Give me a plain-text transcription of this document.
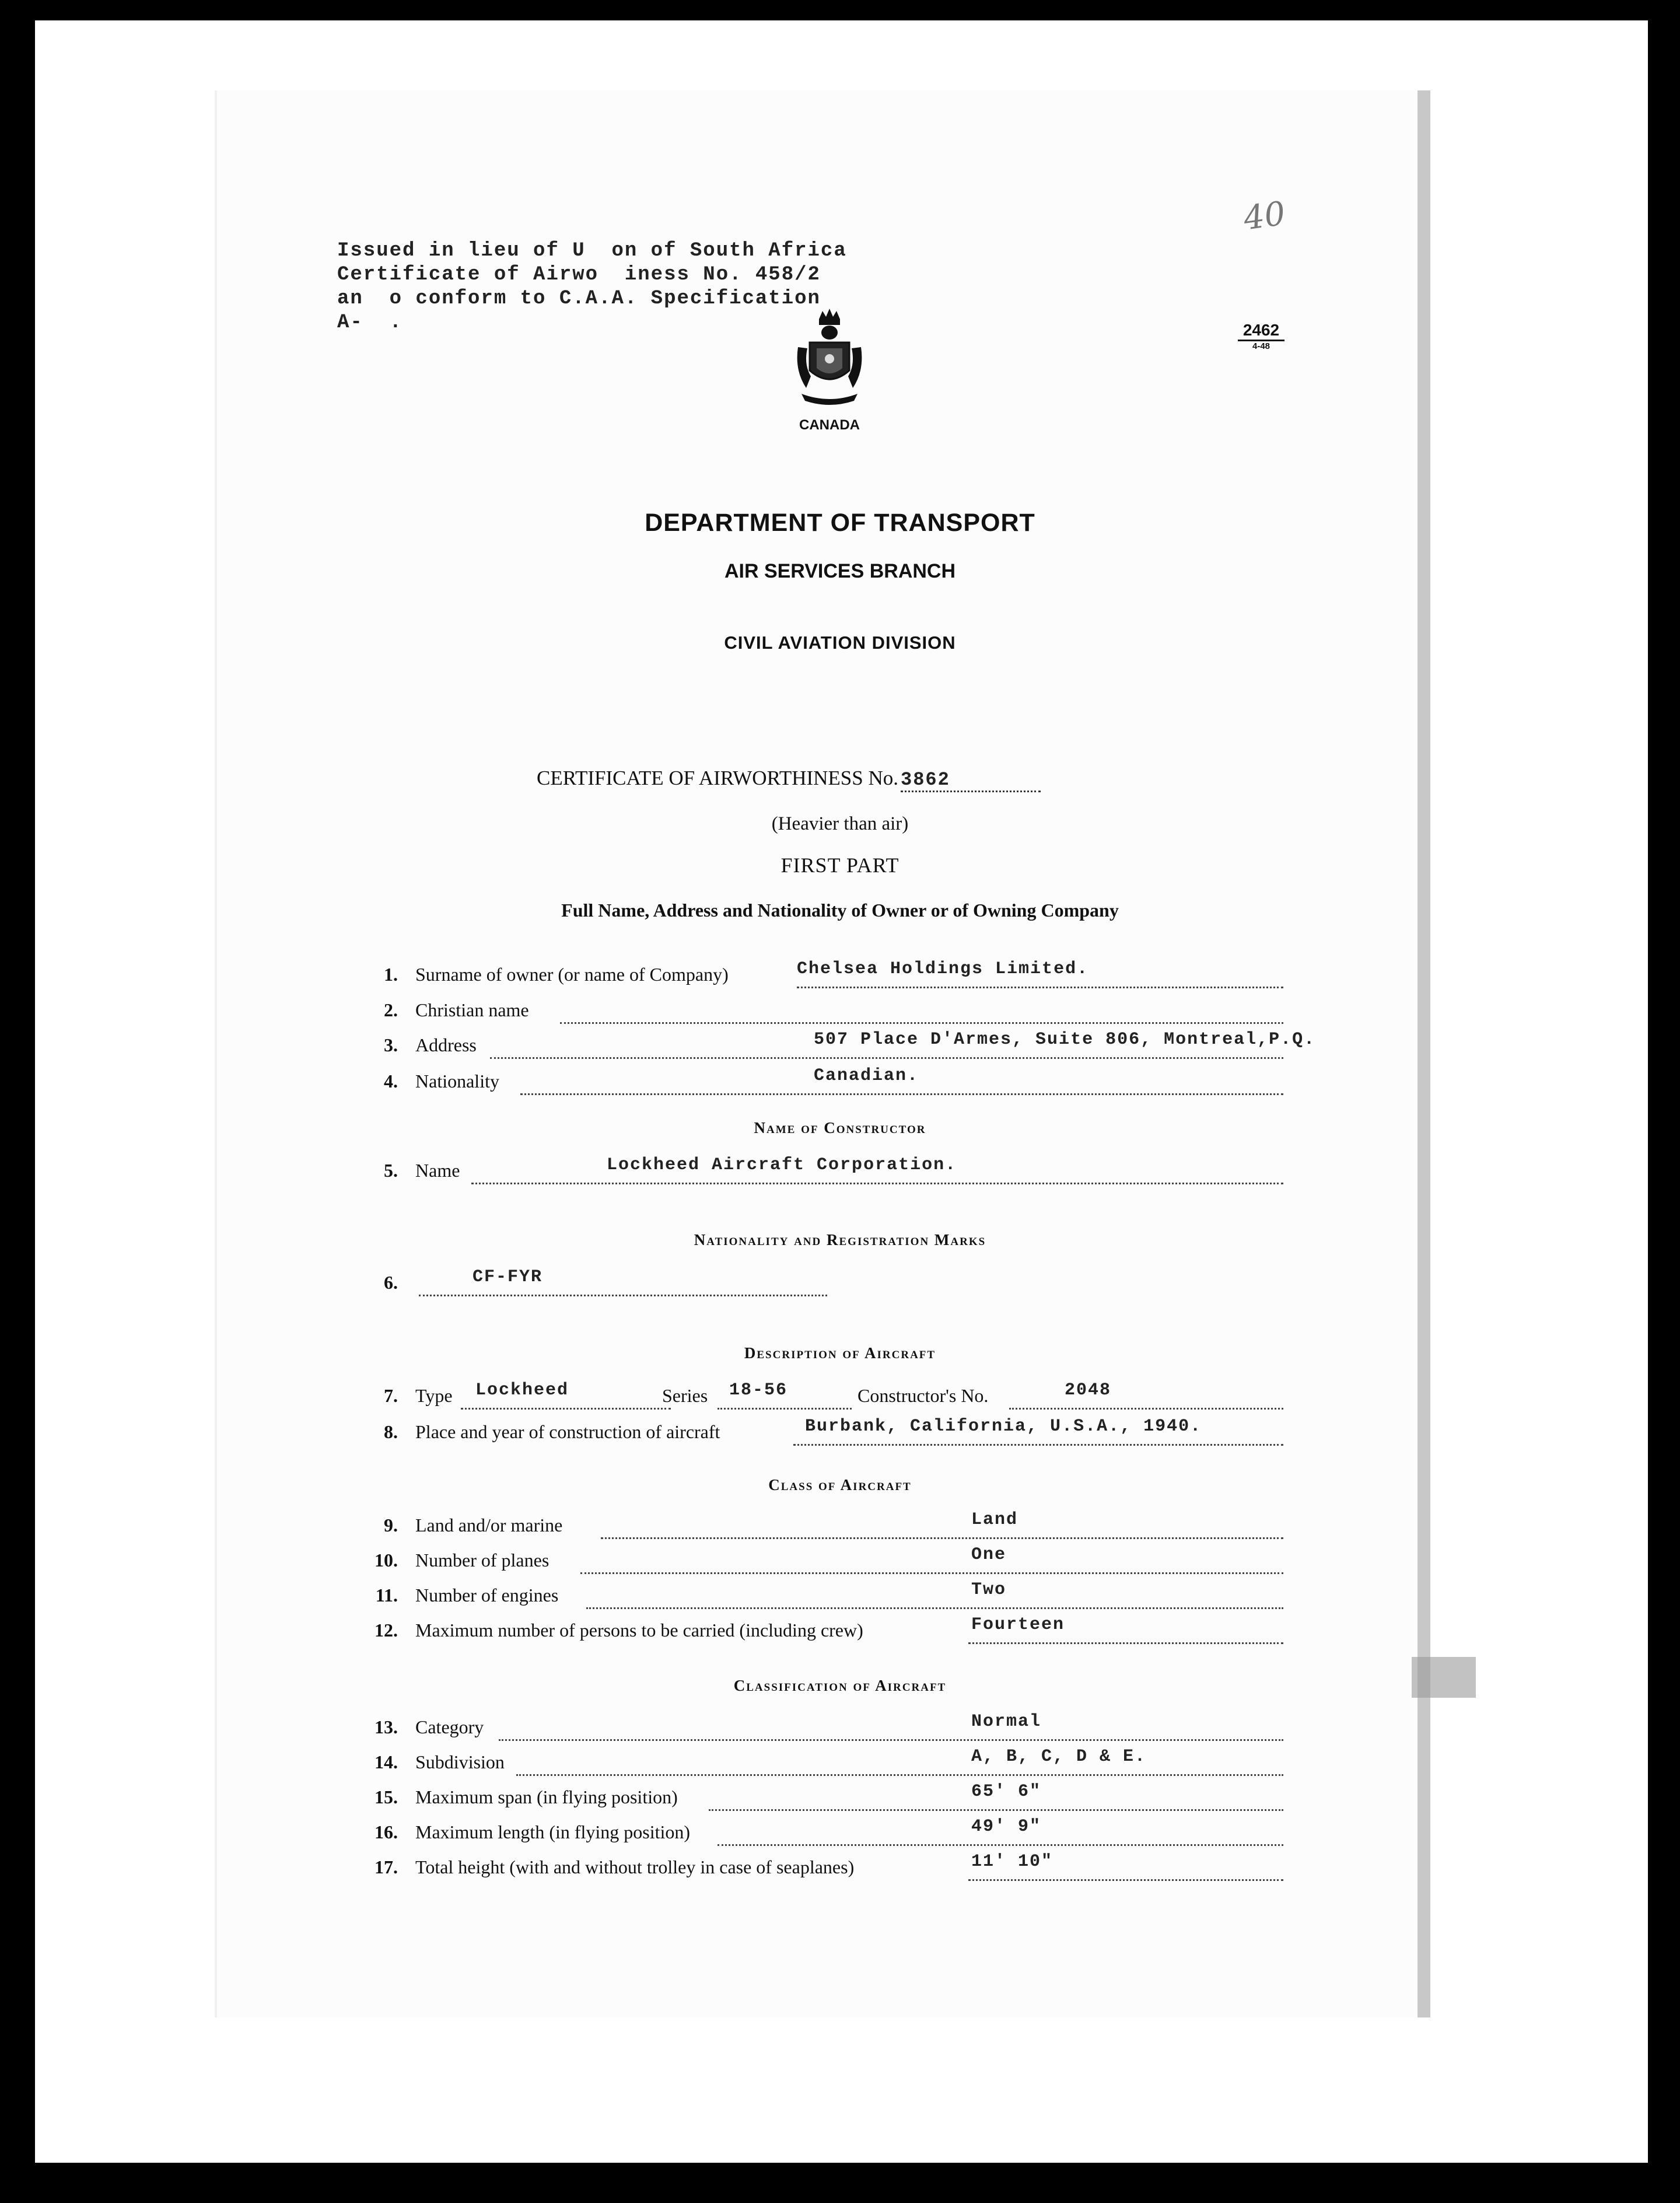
Issued in lieu of U  on of South Africa
Certificate of Airwo  iness No. 458/2
an  o conform to C.A.A. Specification
A-  .
40
2462
4-48
CANADA
DEPARTMENT OF TRANSPORT
AIR SERVICES BRANCH
CIVIL AVIATION DIVISION
CERTIFICATE OF AIRWORTHINESS No. 3862
(Heavier than air)
FIRST PART
Full Name, Address and Nationality of Owner or of Owning Company
1. Surname of owner (or name of Company)	Chelsea Holdings Limited.
2. Christian name
3. Address	507 Place D'Armes, Suite 806, Montreal,P.Q.
4. Nationality	Canadian.
Name of Constructor
5. Name	Lockheed Aircraft Corporation.
Nationality and Registration Marks
6.	CF-FYR
Description of Aircraft
7. Type Lockheed	Series 18-56	Constructor's No.	2048
8. Place and year of construction of aircraft	Burbank, California, U.S.A., 1940.
Class of Aircraft
9. Land and/or marine	Land
10. Number of planes	One
11. Number of engines	Two
12. Maximum number of persons to be carried (including crew)	Fourteen
Classification of Aircraft
13. Category	Normal
14. Subdivision	A, B, C, D & E.
15. Maximum span (in flying position)	65' 6"
16. Maximum length (in flying position)	49' 9"
17. Total height (with and without trolley in case of seaplanes)	11' 10"
